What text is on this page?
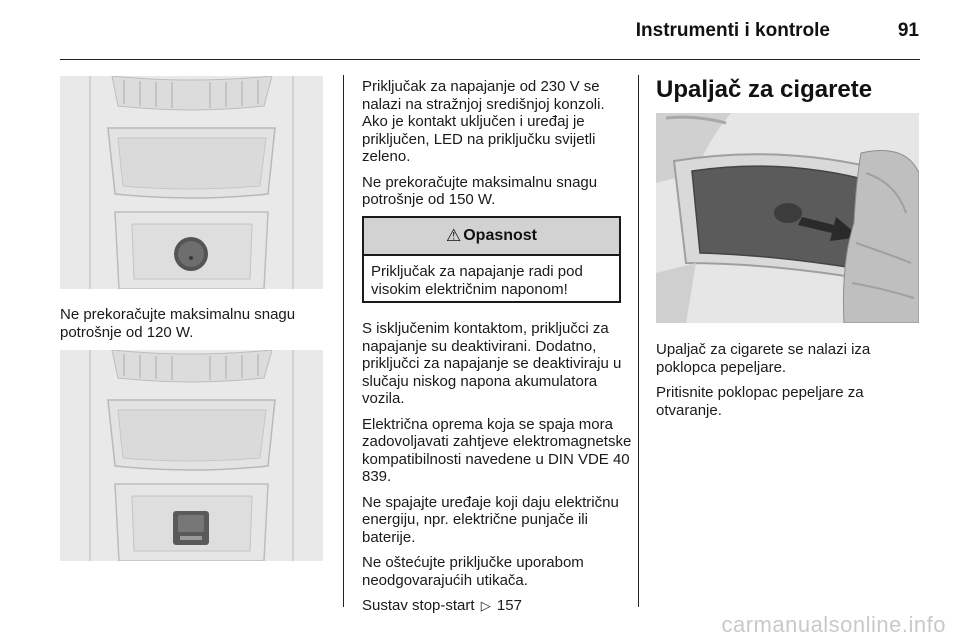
Instrumenti i kontrole	91

Ne prekoračujte maksimalnu snagu potrošnje od 120 W.

Priključak za napajanje od 230 V se nalazi na stražnjoj središnjoj konzoli. Ako je kontakt uključen i uređaj je priključen, LED na priključku svijetli zeleno.

Ne prekoračujte maksimalnu snagu potrošnje od 150 W.

⚠ Opasnost
Priključak za napajanje radi pod visokim električnim naponom!

S isključenim kontaktom, priključci za napajanje su deaktivirani. Dodatno, priključci za napajanje se deaktiviraju u slučaju niskog napona akumulatora vozila.

Električna oprema koja se spaja mora zadovoljavati zahtjeve elektromagnetske kompatibilnosti navedene u DIN VDE 40 839.

Ne spajajte uređaje koji daju električnu energiju, npr. električne punjače ili baterije.

Ne oštećujte priključke uporabom neodgovarajućih utikača.

Sustav stop-start ▷ 157

Upaljač za cigarete

Upaljač za cigarete se nalazi iza poklopca pepeljare.

Pritisnite poklopac pepeljare za otvaranje.

carmanualsonline.info
